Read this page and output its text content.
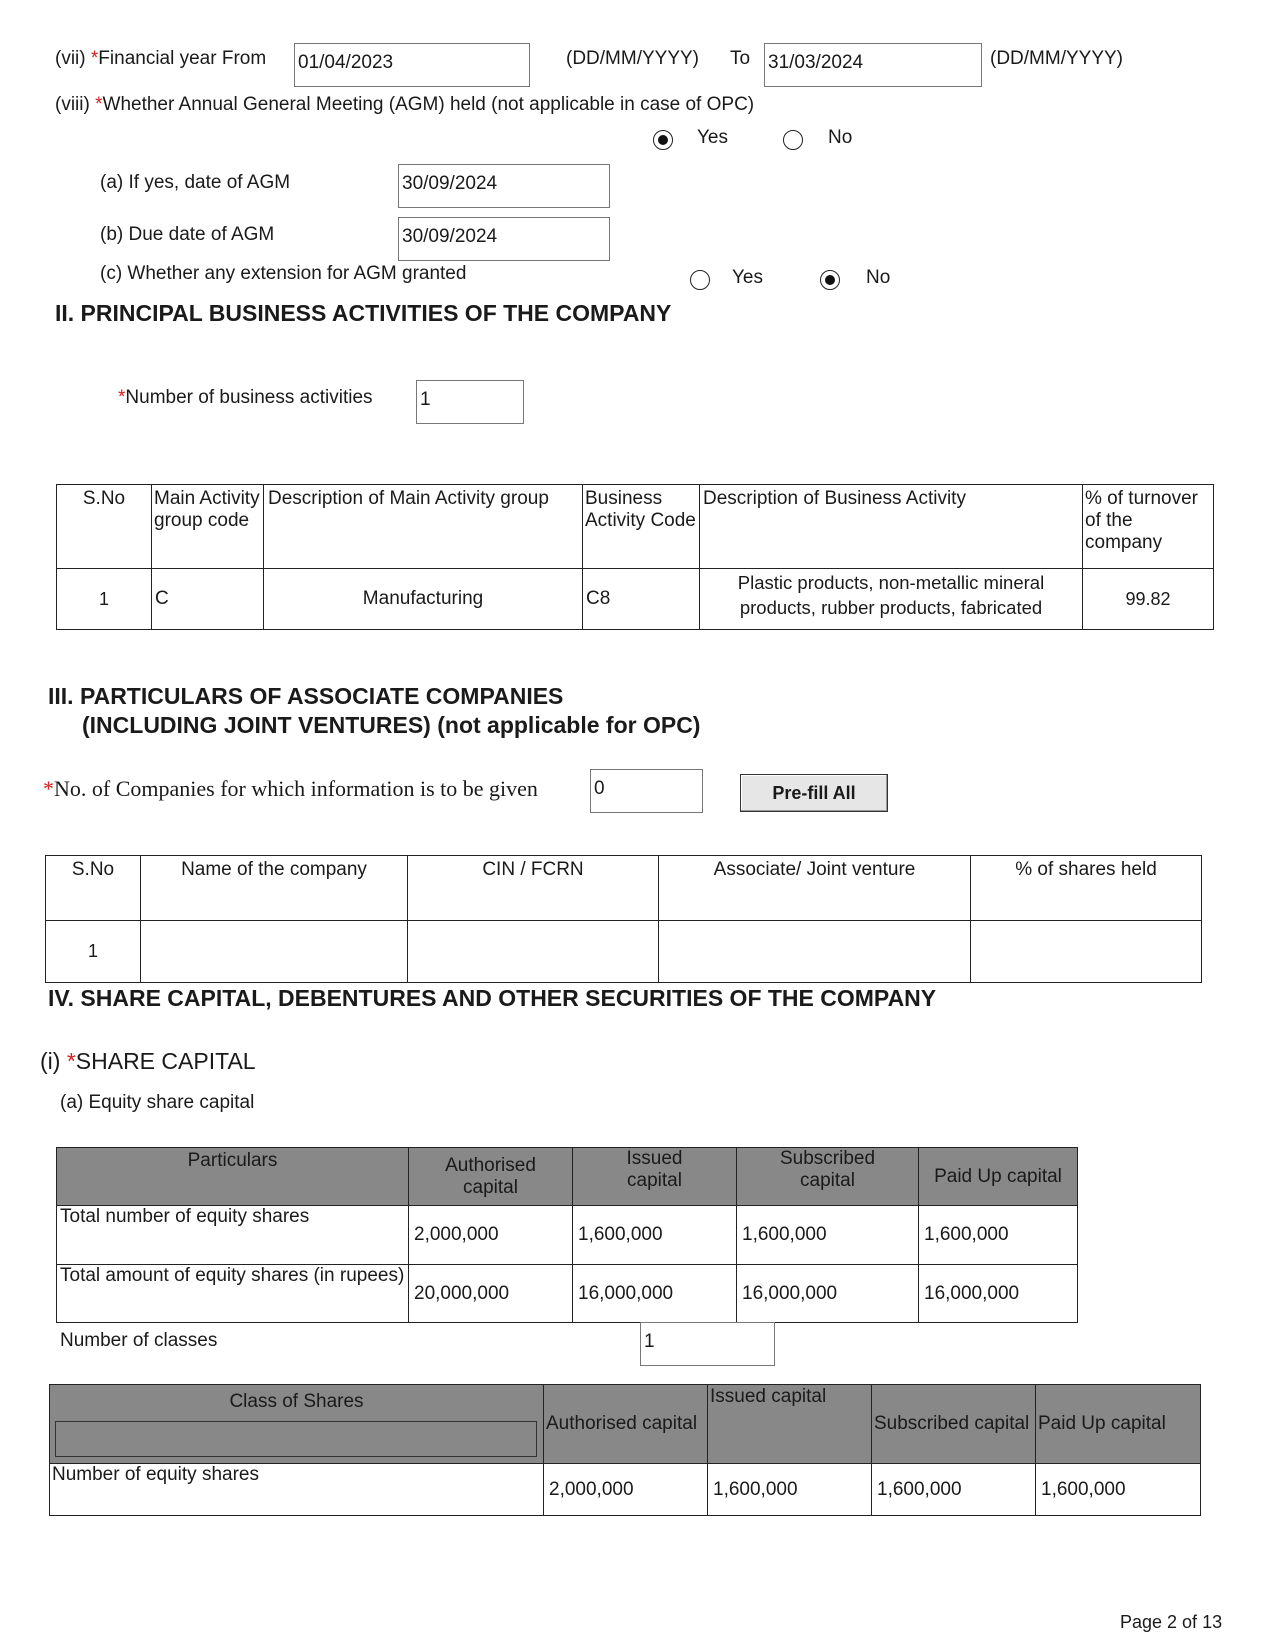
(vii) *Financial year From 01/04/2023	(DD/MM/YYYY) To 31/03/2024	(DD/MM/YYYY)
(viii) *Whether Annual General Meeting (AGM) held (not applicable in case of OPC)
Yes	No
(a) If yes, date of AGM	30/09/2024
(b) Due date of AGM	30/09/2024
(c) Whether any extension for AGM granted	Yes	No
II. PRINCIPAL BUSINESS ACTIVITIES OF THE COMPANY
*Number of business activities 1
S.No	Main Activity group code	Description of Main Activity group	Business Activity Code	Description of Business Activity	% of turnover of the company
1	C	Manufacturing	C8	Plastic products, non-metallic mineral products, rubber products, fabricated	99.82
III. PARTICULARS OF ASSOCIATE COMPANIES
(INCLUDING JOINT VENTURES) (not applicable for OPC)
*No. of Companies for which information is to be given	0	Pre-fill All
S.No	Name of the company	CIN / FCRN	Associate/ Joint venture	% of shares held
1				
IV. SHARE CAPITAL, DEBENTURES AND OTHER SECURITIES OF THE COMPANY
(i) *SHARE CAPITAL
(a) Equity share capital
Particulars	Authorised capital	Issued capital	Subscribed capital	Paid Up capital
Total number of equity shares	2,000,000	1,600,000	1,600,000	1,600,000
Total amount of equity shares (in rupees)	20,000,000	16,000,000	16,000,000	16,000,000
Number of classes	1
Class of Shares	Authorised capital	Issued capital	Subscribed capital	Paid Up capital
Number of equity shares	2,000,000	1,600,000	1,600,000	1,600,000
Page 2 of 13
